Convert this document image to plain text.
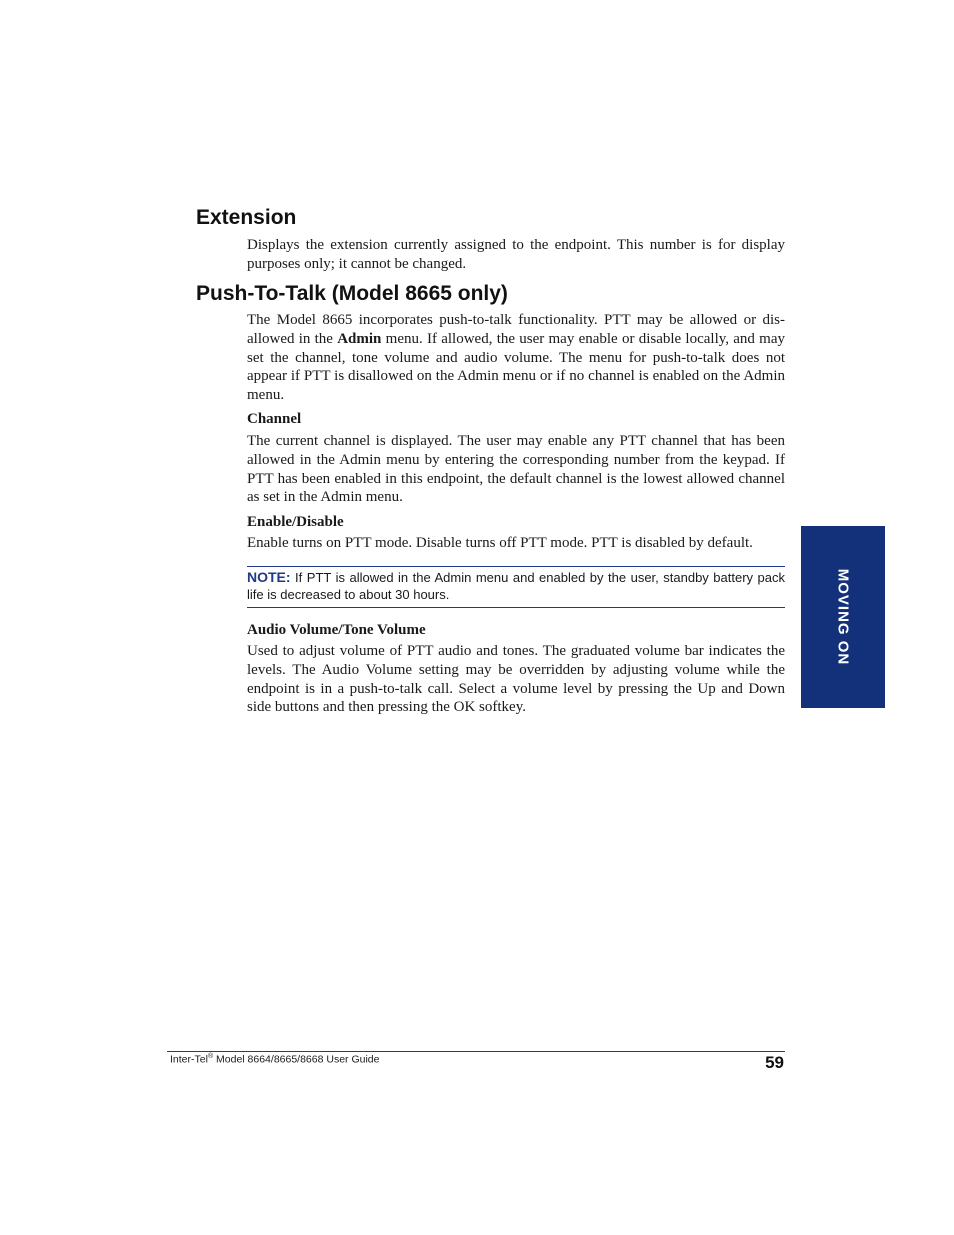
Extension

Displays the extension currently assigned to the endpoint. This number is for display purposes only; it cannot be changed.

Push-To-Talk (Model 8665 only)

The Model 8665 incorporates push-to-talk functionality. PTT may be allowed or dis-allowed in the Admin menu. If allowed, the user may enable or disable locally, and may set the channel, tone volume and audio volume. The menu for push-to-talk does not appear if PTT is disallowed on the Admin menu or if no channel is enabled on the Admin menu.

Channel

The current channel is displayed. The user may enable any PTT channel that has been allowed in the Admin menu by entering the corresponding number from the keypad. If PTT has been enabled in this endpoint, the default channel is the lowest allowed channel as set in the Admin menu.

Enable/Disable

Enable turns on PTT mode. Disable turns off PTT mode. PTT is disabled by default.

NOTE: If PTT is allowed in the Admin menu and enabled by the user, standby battery pack life is decreased to about 30 hours.

Audio Volume/Tone Volume

Used to adjust volume of PTT audio and tones. The graduated volume bar indicates the levels. The Audio Volume setting may be overridden by adjusting volume while the endpoint is in a push-to-talk call. Select a volume level by pressing the Up and Down side buttons and then pressing the OK softkey.

MOVING ON

Inter-Tel® Model 8664/8665/8668 User Guide	59
